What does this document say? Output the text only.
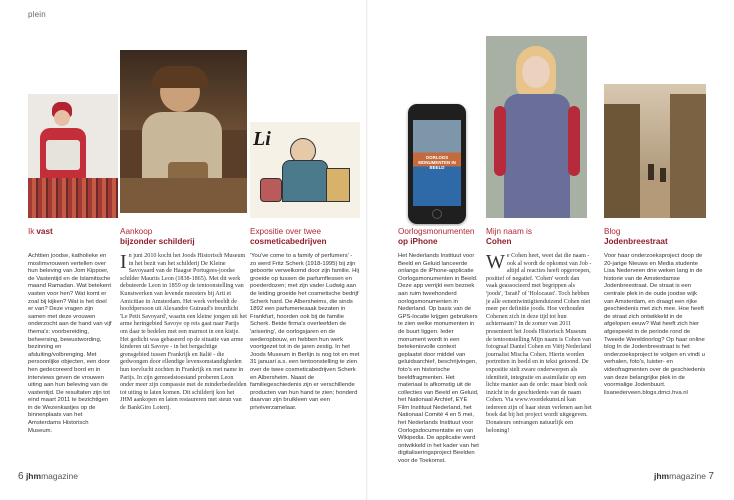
plein
Li
OORLOGS MONUMENTEN IN BEELD
Ik vast
Achttien joodse, katholieke en moslimvrouwen vertellen over hun beleving van Jom Kippoer, de Vastentijd en de Islamitische maand Ramadan. Wat betekent vasten voor hen? Wat komt er zoal bij kijken? Wat is het doel er van? Deze vragen zijn samen met deze vrouwen onderzocht aan de hand van vijf thema's: voorbereiding, beheersing, bewustwording, bezinning en afsluiting/volbrenging. Met persoonlijke objecten, een door hen gedecoreerd bord en in interviews geven de vrouwen uiting aan hun beleving van de vastentijd. De resultaten zijn tot eind maart 2011 te bezichtigen in de Wezenkastjes op de binnenplaats van het Amsterdams Historisch Museum.
Aankoop
bijzonder schilderij
In juni 2010 kocht het Joods Historisch Museum in het bezit van het schilderij De Kleine Savoyaard van de Haagse Portugees-joodse schilder Maurits Leon (1838-1865). Met dit werk debuteerde Leon in 1859 op de tentoonstelling van Kunstwerken van levende meesters bij Arti et Amicitiae in Amsterdam. Het werk verbeeldt de hoofdpersoon uit Alexandre Guiraud's treurdicht 'Le Petit Savoyard', waarin een kleine jongen uit het arme heringebied Savoye op reis gaat naar Parijs om daar te bedelen met een marmot in een kistje. Het gedicht was gebaseerd op de situatie van arme kinderen uit Savoye - in het bergachtige grensgebied tussen Frankrijk en Italië - die gedwongen door ellendige levensomstandigheden hun toevlucht zochten in Frankrijk en met name in Parijs. In zijn gemoedstoestand proberen Leon onder meer zijn compassie met de minderbedeelden tot uiting te laten komen. Dit schilderij kon het JHM aankopen en laten restaureren met steun van de BankGiro Loterij.
Expositie over twee
cosmeticabedrijven
'You've come to a family of perfumers' - zo werd Fritz Scherk (1918-1995) bij zijn geboorte verwelkomd door zijn familie. Hij groeide op tussen de parfumflessen en poederdozen; met zijn vader Ludwig aan de leiding groeide het cosmetische bedrijf Scherk hard. De Albersheims, die sinds 1892 een parfumerieзaak bezaten in Frankfurt, hoorden ook bij de familie Scherk. Beide firma's overleefden de 'arisering', de oorlogsjaren en de wederopbouw, en hebben hun werk voortgezet tot in de jaren zestig. In het Joods Museum in Berlijn is nog tot en met 31 januari a.s. een tentoonstelling te zien over de twee cosmeticabedrijven Scherk en Albersheim. Naast de familiegeschiedenis zijn er verschillende producten van hun hand te zien; honderd daarvan zijn bruikleen van een privéverzamelaar.
Oorlogsmonumenten
op iPhone
Het Nederlands Instituut voor Beeld en Geluid lanceerde onlangs de iPhone-applicatie Oorlogsmonumenten in Beeld. Deze app verrijkt een bezoek aan ruim tweehonderd oorlogsmonumenten in Nederland. Op basis van de GPS-locatie krijgen gebruikers te zien welke monumenten in de buurt liggen. Ieder monument wordt in een betekenisvolle context geplaatst door middel van geluidsarchief, beschrijvingen, foto's en historische beeldfragmenten. Het materiaal is afkomstig uit de collecties van Beeld en Geluid, het Nationaal Archief, EYE Film Instituut Nederland, het Nationaal Comité 4 en 5 mei, het Nederlands Instituut voor Oorlogsdocumentatie en van Wikipedia. De applicatie werd ontwikkeld in het kader van het digitaliseringsproject Beelden voor de Toekomst.
Mijn naam is
Cohen
We Cohen heet, weet dat die naam - ook al wordt de opkomst van Job - altijd al reacties heeft opgeroepen, positief of negatief. 'Cohen' wordt dan vaak geassocieerd met begrippen als 'joods', 'Israël' of 'Holocaust'. Toch hebben je alle eenentwintigtienduizend Cohen niet meer per definitie joods. Hoe verhouden Cohenen zich in deze tijd tot hun achternaam? In de zomer van 2011 presenteert het Joods Historisch Museum de tentoonstelling Mijn naam is Cohen van fotograaf Daniel Cohen en Viëtj Nederland journalist Mischa Cohen. Hierin worden portretten in beeld en in tekst getoond. De expositie stelt zware onderwerpen als identiteit, integratie en assimilatie op een lichte manier aan de orde: maar biedt ook inzicht in de geschiedenis van de naam Cohen. Via www.voordekunst.nl kan iedereen zijn of haar steun verlenen aan het boek dat bij het project wordt uitgegeven. Donateurs ontvangen natuurlijk een beloning!
Blog
Jodenbreestraat
Voor haar onderzoeksproject doop de 20-jarige Nieuws en Media studente Lisa Nederveen drie weken lang in de historie van de Amsterdamse Jodenbreestraat. De straat is een centrale plek in de oude joodse wijk van Amsterdam, en draagt een rijke geschiedenis met zich mee. Hoe heeft de straat zich ontwikkeld in de afgelopen eeuw? Wat heeft zich hier afgespeeld in de periode rond de Tweede Wereldoorlog? Op haar online blog In de Jodenbreestraat is het onderzoeksproject te volgen en vindt u verhalen, foto's, luister- en videofragmenten over de geschiedenis van deze belangrijke plek in de voormalige Jodenbuurt. lisanederveen.blogs.dmci.hva.nl
6 jhmmagazine	jhmmagazine 7
